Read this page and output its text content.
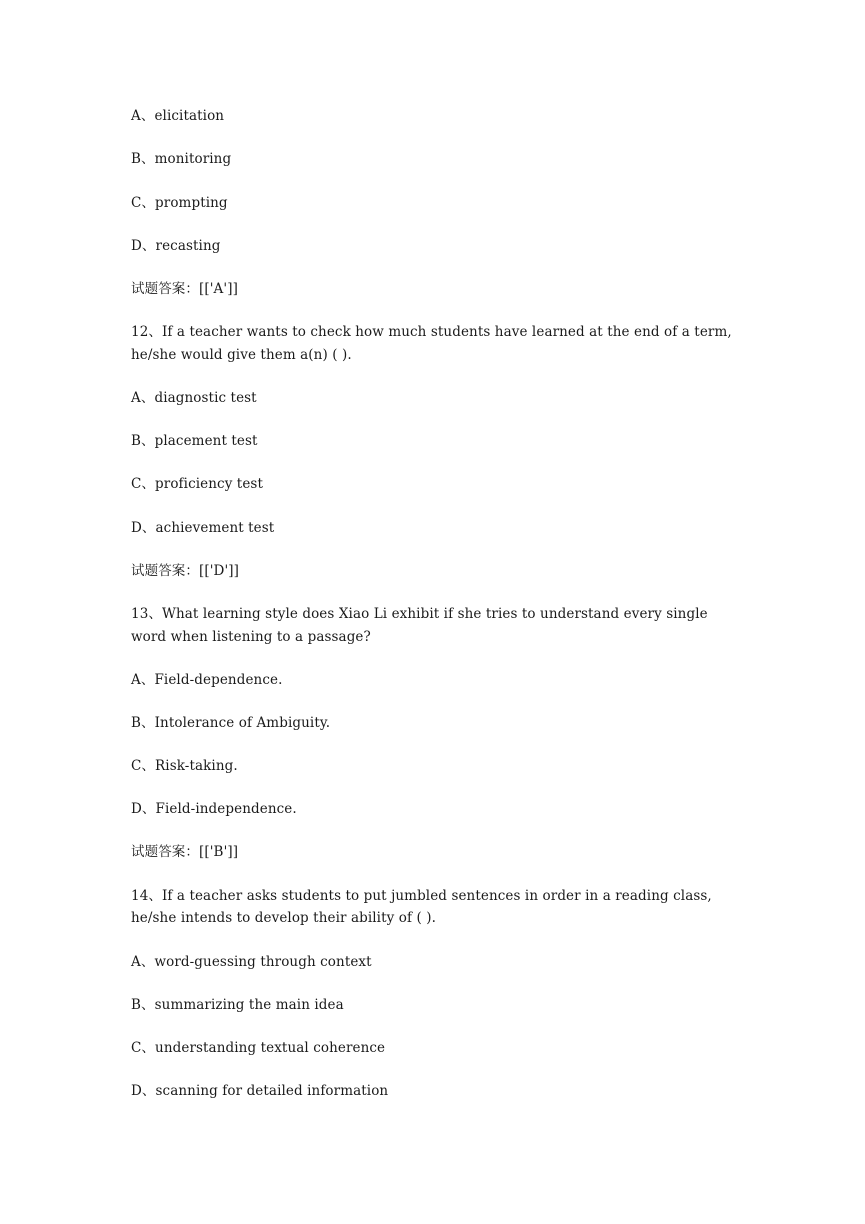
A、elicitation
B、monitoring
C、prompting
D、recasting
试题答案：[['A']]
12、If a teacher wants to check how much students have learned at the end of a term,
he/she would give them a(n) ( ).
A、diagnostic test
B、placement test
C、proficiency test
D、achievement test
试题答案：[['D']]
13、What learning style does Xiao Li exhibit if she tries to understand every single
word when listening to a passage?
A、Field-dependence.
B、Intolerance of Ambiguity.
C、Risk-taking.
D、Field-independence.
试题答案：[['B']]
14、If a teacher asks students to put jumbled sentences in order in a reading class,
he/she intends to develop their ability of ( ).
A、word-guessing through context
B、summarizing the main idea
C、understanding textual coherence
D、scanning for detailed information
